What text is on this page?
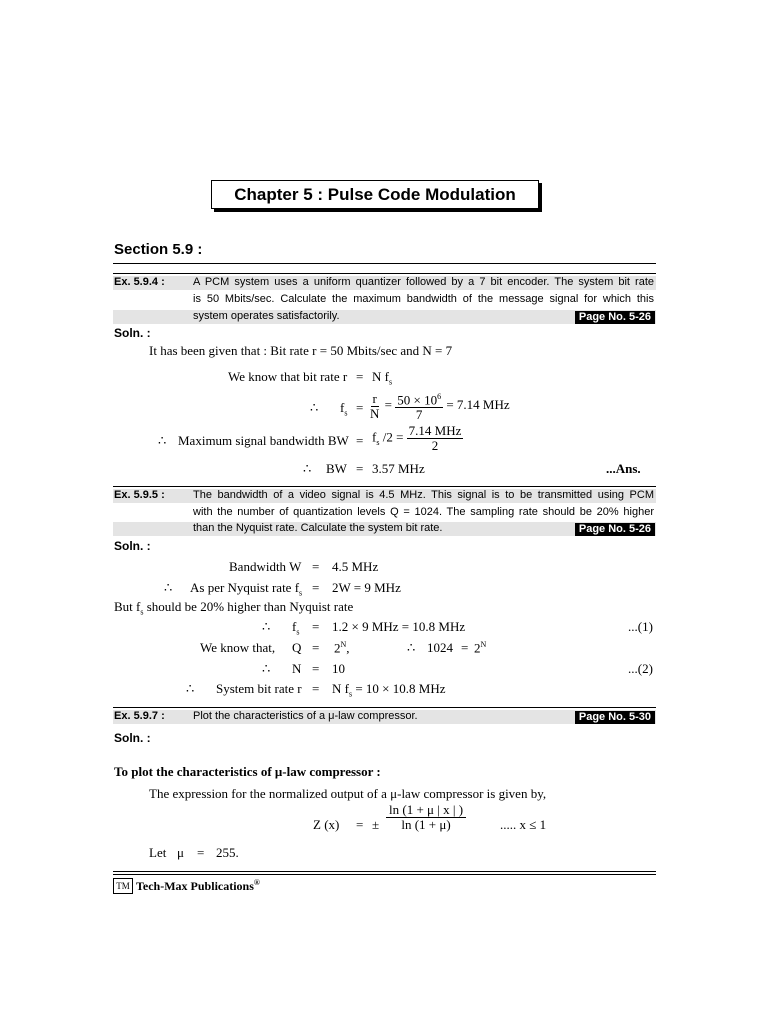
Chapter 5 : Pulse Code Modulation
Section 5.9 :
Ex. 5.9.4 :	A PCM system uses a uniform quantizer followed by a 7 bit encoder. The system bit rate
is 50 Mbits/sec. Calculate the maximum bandwidth of the message signal for which this
system operates satisfactorily.	Page No. 5-26
Soln. :
It has been given that : Bit rate r = 50 Mbits/sec and N = 7
We know that bit rate r = N $f_s$
∴ $f_s = \frac{r}{N} = \frac{50 \times 10^6}{7} = 7.14$ MHz
∴ Maximum signal bandwidth BW = $f_s$ $/2 = \frac{\text{7.14 MHz}}{2}$
∴ BW = 3.57 MHz	...Ans.
Ex. 5.9.5 :	The bandwidth of a video signal is 4.5 MHz. This signal is to be transmitted using PCM
with the number of quantization levels Q = 1024. The sampling rate should be 20% higher
than the Nyquist rate. Calculate the system bit rate.	Page No. 5-26
Soln. :
Bandwidth W = 4.5 MHz
∴ As per Nyquist rate $f_s = 2W = 9$ MHz
But $f_s$ should be 20% higher than Nyquist rate
∴ $f_s = 1.2 \times 9$ MHz = 10.8 MHz	...(1)
We know that, $Q = 2^N$,	∴ $1024 = 2^N$
∴ N = 10	...(2)
∴ System bit rate r = N $f_s = 10 \times 10.8$ MHz
Ex. 5.9.7 :	Plot the characteristics of a μ-law compressor.	Page No. 5-30
Soln. :
To plot the characteristics of μ-law compressor :
The expression for the normalized output of a μ-law compressor is given by,
Z (x) = ± $\frac{\ln (1 + \mu | x | )}{\ln (1 + \mu)}$	..... x ≤ 1
Let μ = 255.
TM Tech-Max Publications®
